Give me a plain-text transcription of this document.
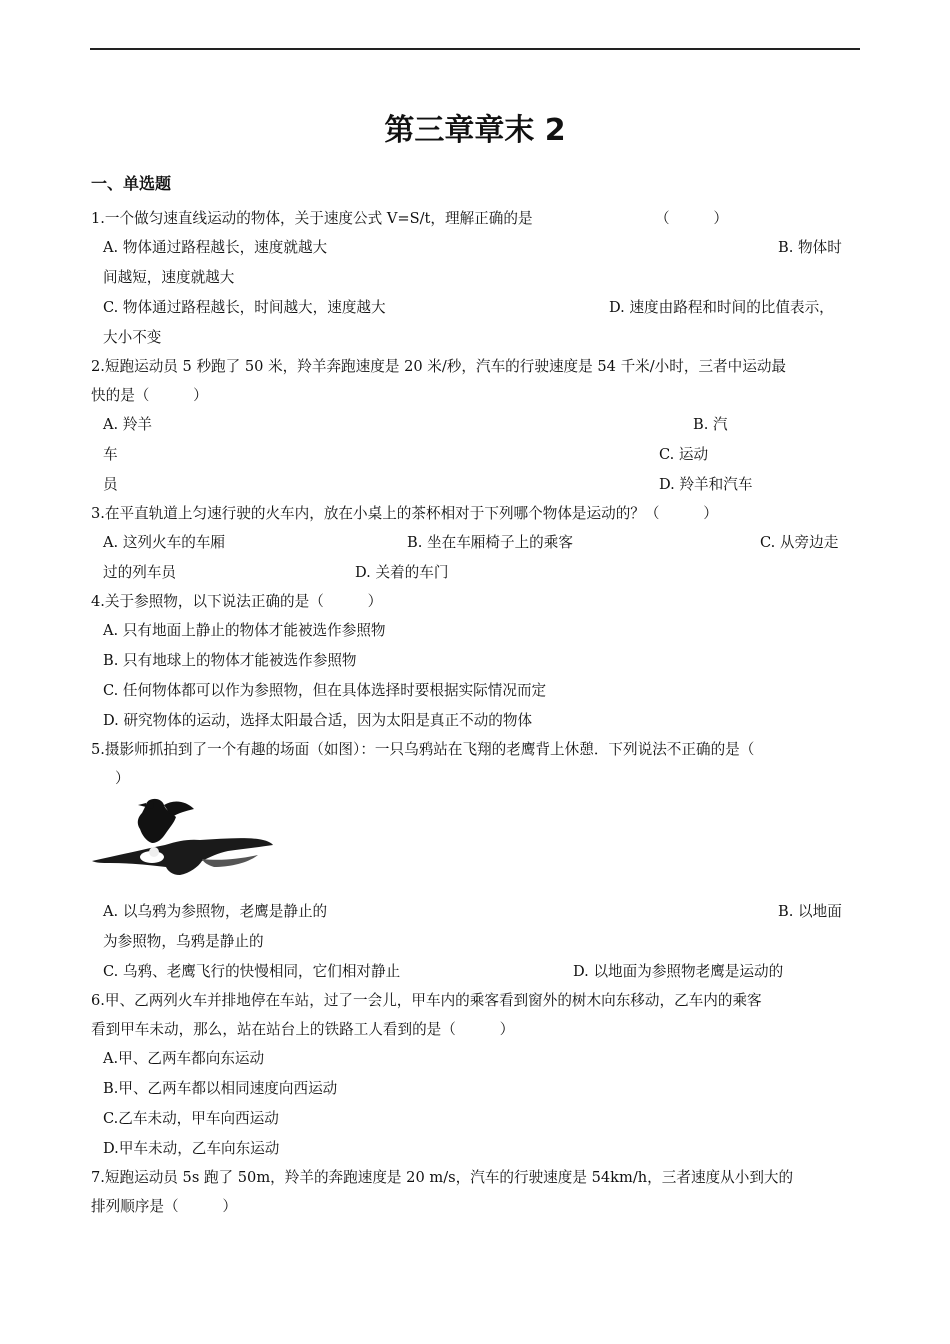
第三章章末 2
一、单选题
1.一个做匀速直线运动的物体，关于速度公式 V=S/t，理解正确的是	（　　　）
A. 物体通过路程越长，速度就越大	B. 物体时
间越短，速度就越大
C. 物体通过路程越长，时间越大，速度越大	D. 速度由路程和时间的比值表示，
大小不变
2.短跑运动员 5 秒跑了 50 米，羚羊奔跑速度是 20 米/秒，汽车的行驶速度是 54 千米/小时，三者中运动最
快的是（　　　）
A. 羚羊	B. 汽
车	C. 运动
员	D. 羚羊和汽车
3.在平直轨道上匀速行驶的火车内，放在小桌上的茶杯相对于下列哪个物体是运动的？（　　　）
A. 这列火车的车厢	B. 坐在车厢椅子上的乘客	C. 从旁边走
过的列车员	D. 关着的车门
4.关于参照物，以下说法正确的是（　　　）
A. 只有地面上静止的物体才能被选作参照物
B. 只有地球上的物体才能被选作参照物
C. 任何物体都可以作为参照物，但在具体选择时要根据实际情况而定
D. 研究物体的运动，选择太阳最合适，因为太阳是真正不动的物体
5.摄影师抓拍到了一个有趣的场面（如图）：一只乌鸦站在飞翔的老鹰背上休憩．下列说法不正确的是（
）
A. 以乌鸦为参照物，老鹰是静止的	B. 以地面
为参照物，乌鸦是静止的
C. 乌鸦、老鹰飞行的快慢相同，它们相对静止	D. 以地面为参照物老鹰是运动的
6.甲、乙两列火车并排地停在车站，过了一会儿，甲车内的乘客看到窗外的树木向东移动，乙车内的乘客
看到甲车未动，那么，站在站台上的铁路工人看到的是（　　　）
A.甲、乙两车都向东运动
B.甲、乙两车都以相同速度向西运动
C.乙车未动，甲车向西运动
D.甲车未动，乙车向东运动
7.短跑运动员 5s 跑了 50m，羚羊的奔跑速度是 20 m/s，汽车的行驶速度是 54km/h，三者速度从小到大的
排列顺序是（　　　）
